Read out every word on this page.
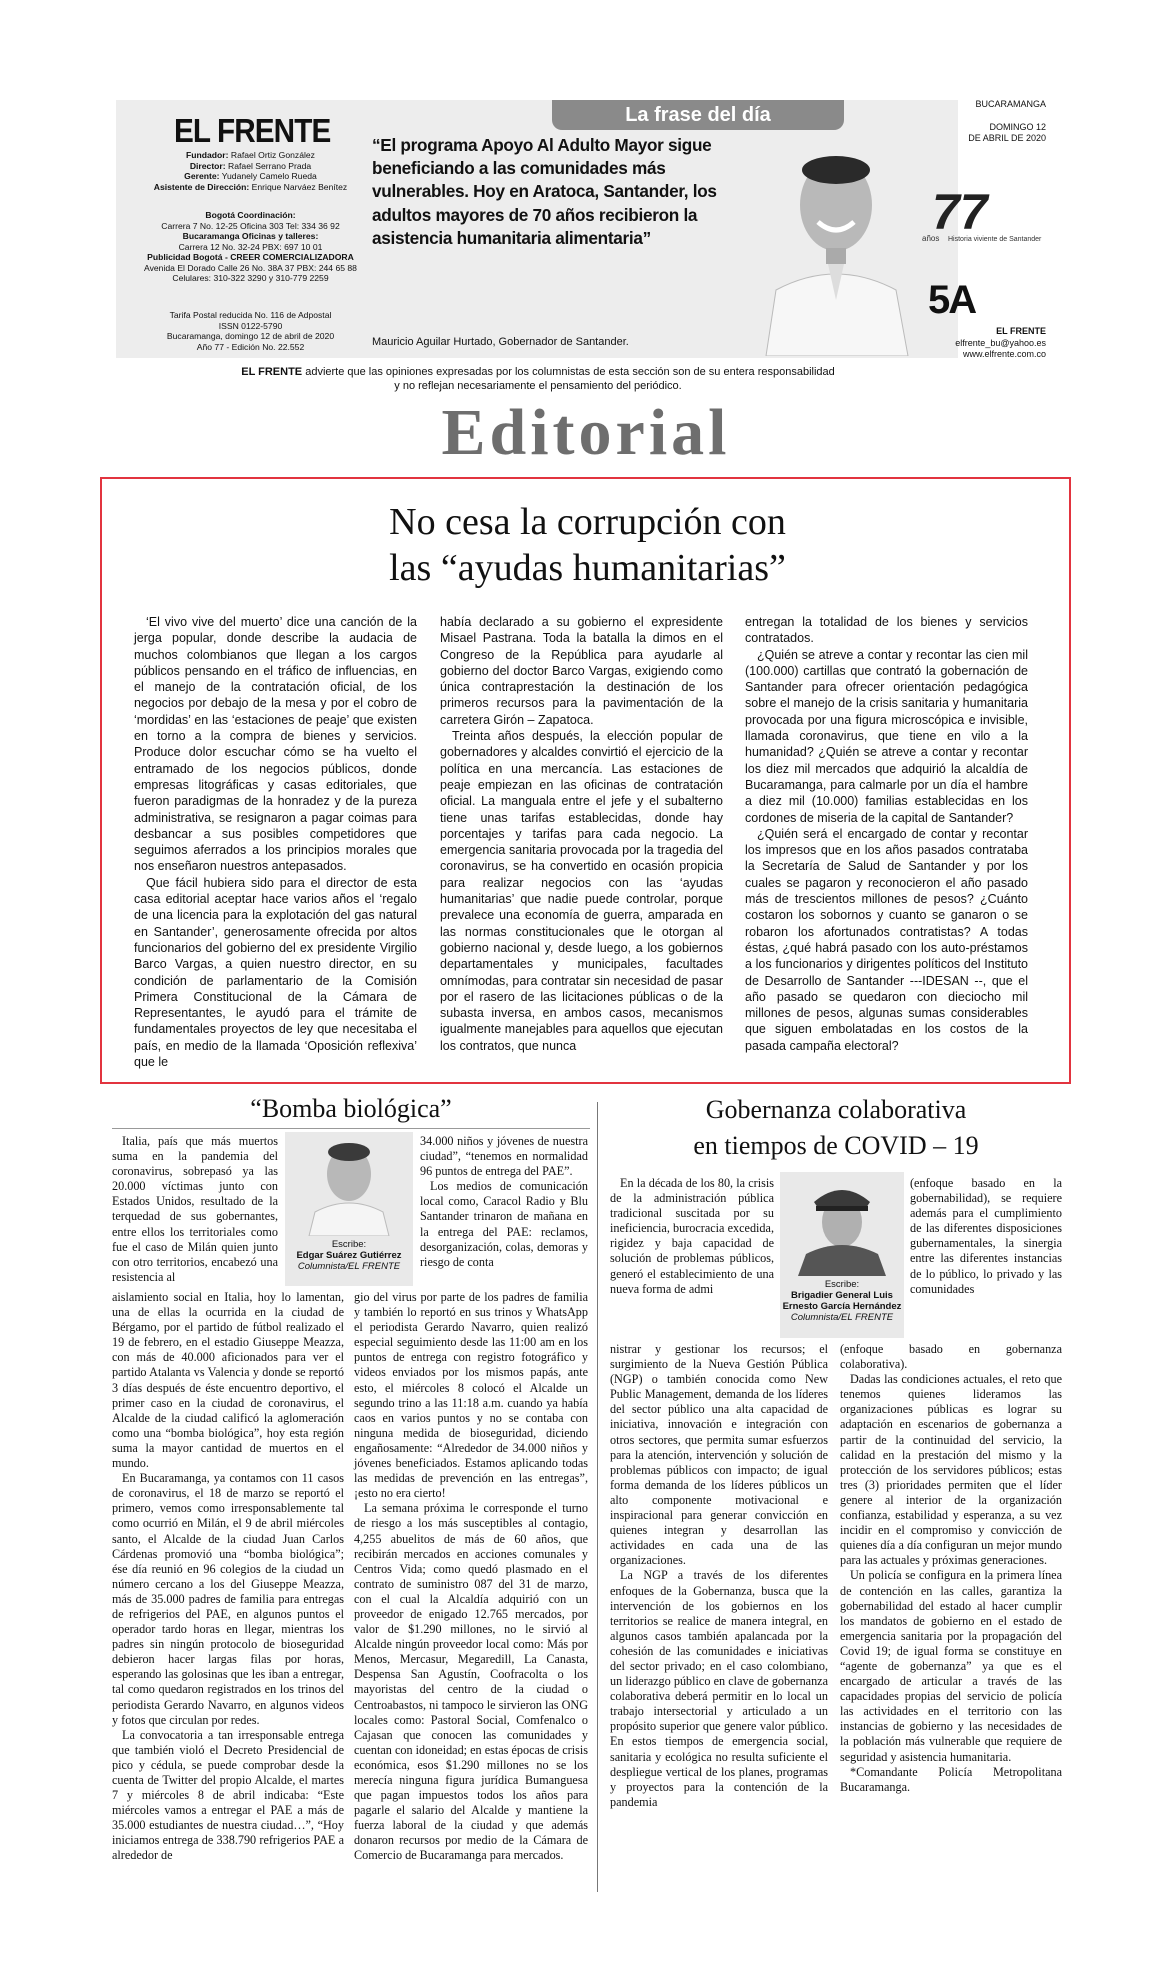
EL FRENTE
Fundador: Rafael Ortiz González
Director: Rafael Serrano Prada
Gerente: Yudanely Camelo Rueda
Asistente de Dirección: Enrique Narváez Benítez
Bogotá Coordinación:
Carrera 7 No. 12-25 Oficina 303 Tel: 334 36 92
Bucaramanga Oficinas y talleres:
Carrera 12 No. 32-24 PBX: 697 10 01
Publicidad Bogotá - CREER COMERCIALIZADORA
Avenida El Dorado Calle 26 No. 38A 37 PBX: 244 65 88
Celulares: 310-322 3290 y 310-779 2259
Tarifa Postal reducida No. 116 de Adpostal
ISSN 0122-5790
Bucaramanga, domingo 12 de abril de 2020
Año 77 - Edición No. 22.552
La frase del día
“El programa Apoyo Al Adulto Mayor sigue beneficiando a las comunidades más vulnerables. Hoy en Aratoca, Santander, los adultos mayores de 70 años recibieron la asistencia humanitaria alimentaria”
Mauricio Aguilar Hurtado, Gobernador de Santander.
BUCARAMANGA
DOMINGO 12
DE ABRIL DE 2020
77
años Historia viviente de Santander
5A
EL FRENTE
elfrente_bu@yahoo.es
www.elfrente.com.co
EL FRENTE advierte que las opiniones expresadas por los columnistas de esta sección son de su entera responsabilidad y no reflejan necesariamente el pensamiento del periódico.
Editorial
No cesa la corrupción con
las “ayudas humanitarias”

‘El vivo vive del muerto’ dice una canción de la jerga popular, donde describe la audacia de muchos colombianos que llegan a los cargos públicos pensando en el tráfico de influencias, en el manejo de la contratación oficial, de los negocios por debajo de la mesa y por el cobro de ‘mordidas’ en las ‘estaciones de peaje’ que existen en torno a la compra de bienes y servicios. Produce dolor escuchar cómo se ha vuelto el entramado de los negocios públicos, donde empresas litográficas y casas editoriales, que fueron paradigmas de la honradez y de la pureza administrativa, se resignaron a pagar coimas para desbancar a sus posibles competidores que seguimos aferrados a los principios morales que nos enseñaron nuestros antepasados.

Que fácil hubiera sido para el director de esta casa editorial aceptar hace varios años el ‘regalo de una licencia para la explotación del gas natural en Santander’, generosamente ofrecida por altos funcionarios del gobierno del ex presidente Virgilio Barco Vargas, a quien nuestro director, en su condición de parlamentario de la Comisión Primera Constitucional de la Cámara de Representantes, le ayudó para el trámite de fundamentales proyectos de ley que necesitaba el país, en medio de la llamada ‘Oposición reflexiva’ que le

había declarado a su gobierno el expresidente Misael Pastrana. Toda la batalla la dimos en el Congreso de la República para ayudarle al gobierno del doctor Barco Vargas, exigiendo como única contraprestación la destinación de los primeros recursos para la pavimentación de la carretera Girón – Zapatoca.

Treinta años después, la elección popular de gobernadores y alcaldes convirtió el ejercicio de la política en una mercancía. Las estaciones de peaje empiezan en las oficinas de contratación oficial. La manguala entre el jefe y el subalterno tiene unas tarifas establecidas, donde hay porcentajes y tarifas para cada negocio. La emergencia sanitaria provocada por la tragedia del coronavirus, se ha convertido en ocasión propicia para realizar negocios con las ‘ayudas humanitarias’ que nadie puede controlar, porque prevalece una economía de guerra, amparada en las normas constitucionales que le otorgan al gobierno nacional y, desde luego, a los gobiernos departamentales y municipales, facultades omnímodas, para contratar sin necesidad de pasar por el rasero de las licitaciones públicas o de la subasta inversa, en ambos casos, mecanismos igualmente manejables para aquellos que ejecutan los contratos, que nunca

entregan la totalidad de los bienes y servicios contratados.

¿Quién se atreve a contar y recontar las cien mil (100.000) cartillas que contrató la gobernación de Santander para ofrecer orientación pedagógica sobre el manejo de la crisis sanitaria y humanitaria provocada por una figura microscópica e invisible, llamada coronavirus, que tiene en vilo a la humanidad? ¿Quién se atreve a contar y recontar los diez mil mercados que adquirió la alcaldía de Bucaramanga, para calmarle por un día el hambre a diez mil (10.000) familias establecidas en los cordones de miseria de la capital de Santander?

¿Quién será el encargado de contar y recontar los impresos que en los años pasados contrataba la Secretaría de Salud de Santander y por los cuales se pagaron y reconocieron el año pasado más de trescientos millones de pesos? ¿Cuánto costaron los sobornos y cuanto se ganaron o se robaron los afortunados contratistas? A todas éstas, ¿qué habrá pasado con los auto-préstamos a los funcionarios y dirigentes políticos del Instituto de Desarrollo de Santander ---IDESAN --, que el año pasado se quedaron con dieciocho mil millones de pesos, algunas sumas considerables que siguen embolatadas en los costos de la pasada campaña electoral?

“Bomba biológica”
Escribe:
Edgar Suárez Gutiérrez
Columnista/EL FRENTE

Italia, país que más muertos suma en la pandemia del coronavirus, sobrepasó ya las 20.000 víctimas junto con Estados Unidos, resultado de la terquedad de sus gobernantes, entre ellos los territoriales como fue el caso de Milán quien junto con otro territorios, encabezó una resistencia al

aislamiento social en Italia, hoy lo lamentan, una de ellas la ocurrida en la ciudad de Bérgamo, por el partido de fútbol realizado el 19 de febrero, en el estadio Giuseppe Meazza, con más de 40.000 aficionados para ver el partido Atalanta vs Valencia y donde se reportó 3 días después de éste encuentro deportivo, el primer caso en la ciudad de coronavirus, el Alcalde de la ciudad calificó la aglomeración como una “bomba biológica”, hoy esta región suma la mayor cantidad de muertos en el mundo.

En Bucaramanga, ya contamos con 11 casos de coronavirus, el 18 de marzo se reportó el primero, vemos como irresponsablemente tal como ocurrió en Milán, el 9 de abril miércoles santo, el Alcalde de la ciudad Juan Carlos Cárdenas promovió una “bomba biológica”; ése día reunió en 96 colegios de la ciudad un número cercano a los del Giuseppe Meazza, más de 35.000 padres de familia para entregas de refrigerios del PAE, en algunos puntos el operador tardo horas en llegar, mientras los padres sin ningún protocolo de bioseguridad debieron hacer largas filas por horas, esperando las golosinas que les iban a entregar, tal como quedaron registrados en los trinos del periodista Gerardo Navarro, en algunos videos y fotos que circulan por redes.

La convocatoria a tan irresponsable entrega que también violó el Decreto Presidencial de pico y cédula, se puede comprobar desde la cuenta de Twitter del propio Alcalde, el martes 7 y miércoles 8 de abril indicaba: “Este miércoles vamos a entregar el PAE a más de 35.000 estudiantes de nuestra ciudad…”, “Hoy iniciamos entrega de 338.790 refrigerios PAE a alrededor de

34.000 niños y jóvenes de nuestra ciudad”, “tenemos en normalidad 96 puntos de entrega del PAE”.

Los medios de comunicación local como, Caracol Radio y Blu Santander trinaron de mañana en la entrega del PAE: reclamos, desorganización, colas, demoras y riesgo de conta

gio del virus por parte de los padres de familia y también lo reportó en sus trinos y WhatsApp el periodista Gerardo Navarro, quien realizó especial seguimiento desde las 11:00 am en los puntos de entrega con registro fotográfico y videos enviados por los mismos papás, ante esto, el miércoles 8 colocó el Alcalde un segundo trino a las 11:18 a.m. cuando ya había caos en varios puntos y no se contaba con ninguna medida de bioseguridad, diciendo engañosamente: “Alrededor de 34.000 niños y jóvenes beneficiados. Estamos aplicando todas las medidas de prevención en las entregas”, ¡esto no era cierto!

La semana próxima le corresponde el turno de riesgo a los más susceptibles al contagio, 4,255 abuelitos de más de 60 años, que recibirán mercados en acciones comunales y Centros Vida; como quedó plasmado en el contrato de suministro 087 del 31 de marzo, con el cual la Alcaldía adquirió con un proveedor de enigado 12.765 mercados, por valor de $1.290 millones, no le sirvió al Alcalde ningún proveedor local como: Más por Menos, Mercasur, Megaredill, La Canasta, Despensa San Agustín, Coofracolta o los mayoristas del centro de la ciudad o Centroabastos, ni tampoco le sirvieron las ONG locales como: Pastoral Social, Comfenalco o Cajasan que conocen las comunidades y cuentan con idoneidad; en estas épocas de crisis económica, esos $1.290 millones no se los merecía ninguna figura jurídica Bumanguesa que pagan impuestos todos los años para pagarle el salario del Alcalde y mantiene la fuerza laboral de la ciudad y que además donaron recursos por medio de la Cámara de Comercio de Bucaramanga para mercados.

Gobernanza colaborativa
en tiempos de COVID – 19
Escribe:
Brigadier General Luis Ernesto García Hernández
Columnista/EL FRENTE

En la década de los 80, la crisis de la administración pública tradicional suscitada por su ineficiencia, burocracia excedida, rigidez y baja capacidad de solución de problemas públicos, generó el establecimiento de una nueva forma de admi

nistrar y gestionar los recursos; el surgimiento de la Nueva Gestión Pública (NGP) o también conocida como New Public Management, demanda de los líderes del sector público una alta capacidad de iniciativa, innovación e integración con otros sectores, que permita sumar esfuerzos para la atención, intervención y solución de problemas públicos con impacto; de igual forma demanda de los líderes públicos un alto componente motivacional e inspiracional para generar convicción en quienes integran y desarrollan las actividades en cada una de las organizaciones.

La NGP a través de los diferentes enfoques de la Gobernanza, busca que la intervención de los gobiernos en los territorios se realice de manera integral, en algunos casos también apalancada por la cohesión de las comunidades e iniciativas del sector privado; en el caso colombiano, un liderazgo público en clave de gobernanza colaborativa deberá permitir en lo local un trabajo intersectorial y articulado a un propósito superior que genere valor público. En estos tiempos de emergencia social, sanitaria y ecológica no resulta suficiente el despliegue vertical de los planes, programas y proyectos para la contención de la pandemia

(enfoque basado en la gobernabilidad), se requiere además para el cumplimiento de las diferentes disposiciones gubernamentales, la sinergia entre las diferentes instancias de lo público, lo privado y las comunidades

(enfoque basado en gobernanza colaborativa).

Dadas las condiciones actuales, el reto que tenemos quienes lideramos las organizaciones públicas es lograr su adaptación en escenarios de gobernanza a partir de la continuidad del servicio, la calidad en la prestación del mismo y la protección de los servidores públicos; estas tres (3) prioridades permiten que el líder genere al interior de la organización confianza, estabilidad y esperanza, a su vez incidir en el compromiso y convicción de quienes día a día configuran un mejor mundo para las actuales y próximas generaciones.

Un policía se configura en la primera línea de contención en las calles, garantiza la gobernabilidad del estado al hacer cumplir los mandatos de gobierno en el estado de emergencia sanitaria por la propagación del Covid 19; de igual forma se constituye en “agente de gobernanza” ya que es el encargado de articular a través de las capacidades propias del servicio de policía las actividades en el territorio con las instancias de gobierno y las necesidades de la población más vulnerable que requiere de seguridad y asistencia humanitaria.

*Comandante Policía Metropolitana Bucaramanga.
